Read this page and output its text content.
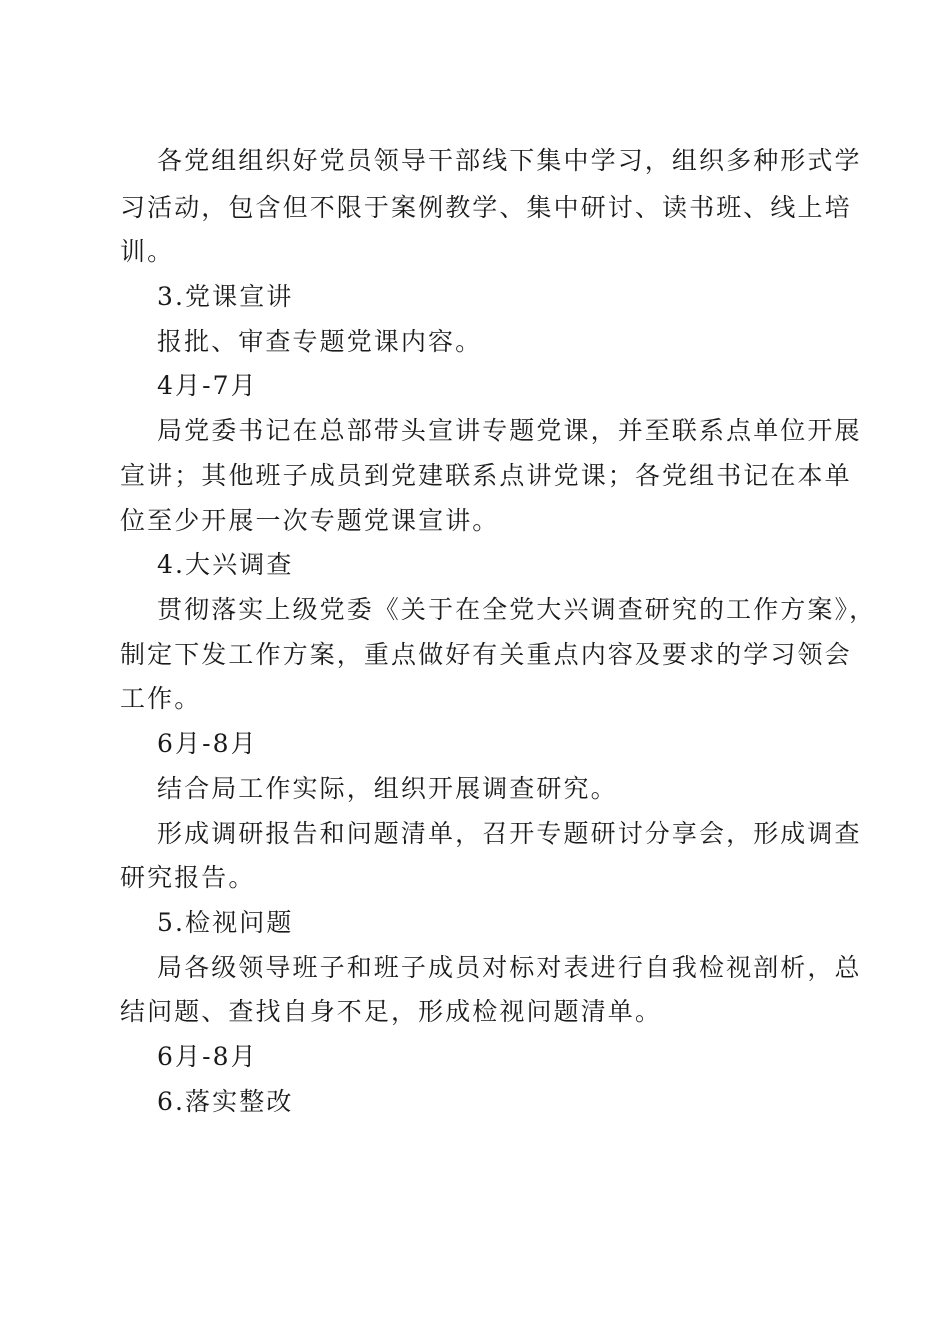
各党组组织好党员领导干部线下集中学习，组织多种形式学
习活动，包含但不限于案例教学、集中研讨、读书班、线上培
训。
3.党课宣讲
报批、审查专题党课内容。
4月-7月
局党委书记在总部带头宣讲专题党课，并至联系点单位开展
宣讲；其他班子成员到党建联系点讲党课；各党组书记在本单
位至少开展一次专题党课宣讲。
4.大兴调查
贯彻落实上级党委《关于在全党大兴调查研究的工作方案》，
制定下发工作方案，重点做好有关重点内容及要求的学习领会
工作。
6月-8月
结合局工作实际，组织开展调查研究。
形成调研报告和问题清单，召开专题研讨分享会，形成调查
研究报告。
5.检视问题
局各级领导班子和班子成员对标对表进行自我检视剖析，总
结问题、查找自身不足，形成检视问题清单。
6月-8月
6.落实整改
